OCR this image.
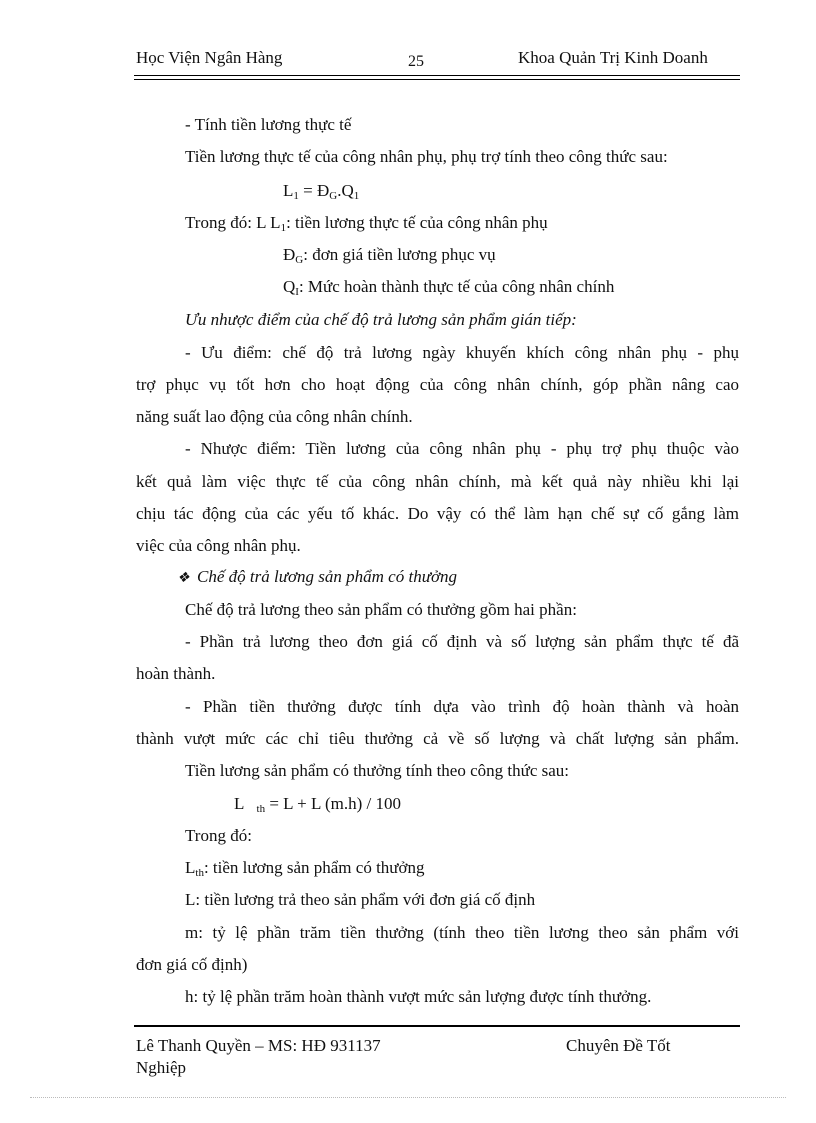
Học Viện Ngân Hàng	25	Khoa Quản Trị Kinh Doanh
- Tính tiền lương thực tế
Tiền lương thực tế của công nhân phụ, phụ trợ tính theo công thức sau:
$L_1$ = $Đ_G.Q_1$
Trong đó: L $L_1$: tiền lương thực tế của công nhân phụ
$Đ_G$: đơn giá tiền lương phục vụ
$Q_I$: Mức hoàn thành thực tế của công nhân chính
Ưu nhược điểm của chế độ trả lương sản phẩm gián tiếp:
- Ưu điểm: chế độ trả lương ngày khuyến khích công nhân phụ - phụ
trợ phục vụ tốt hơn cho hoạt động của công nhân chính, góp phần nâng cao
năng suất lao động của công nhân chính.
- Nhược điểm: Tiền lương của công nhân phụ - phụ trợ phụ thuộc vào
kết quả làm việc thực tế của công nhân chính, mà kết quả này nhiều khi lại
chịu tác động của các yếu tố khác. Do vậy có thể làm hạn chế sự cố gắng làm
việc của công nhân phụ.
❖ Chế độ trả lương sản phẩm có thưởng
Chế độ trả lương theo sản phẩm có thưởng gồm hai phần:
- Phần trả lương theo đơn giá cố định và số lượng sản phẩm thực tế đã
hoàn thành.
- Phần tiền thưởng được tính dựa vào trình độ hoàn thành và hoàn
thành vượt mức các chỉ tiêu thưởng cả về số lượng và chất lượng sản phẩm.
Tiền lương sản phẩm có thưởng tính theo công thức sau:
L   $_{th}$ = L + L (m.h) / 100
Trong đó:
$L_{th}$: tiền lương sản phẩm có thưởng
L: tiền lương trả theo sản phẩm với đơn giá cố định
m: tỷ lệ phần trăm tiền thưởng (tính theo tiền lương theo sản phẩm với
đơn giá cố định)
h: tỷ lệ phần trăm hoàn thành vượt mức sản lượng được tính thưởng.
Lê Thanh Quyền – MS: HĐ 931137	Chuyên Đề Tốt
Nghiệp
